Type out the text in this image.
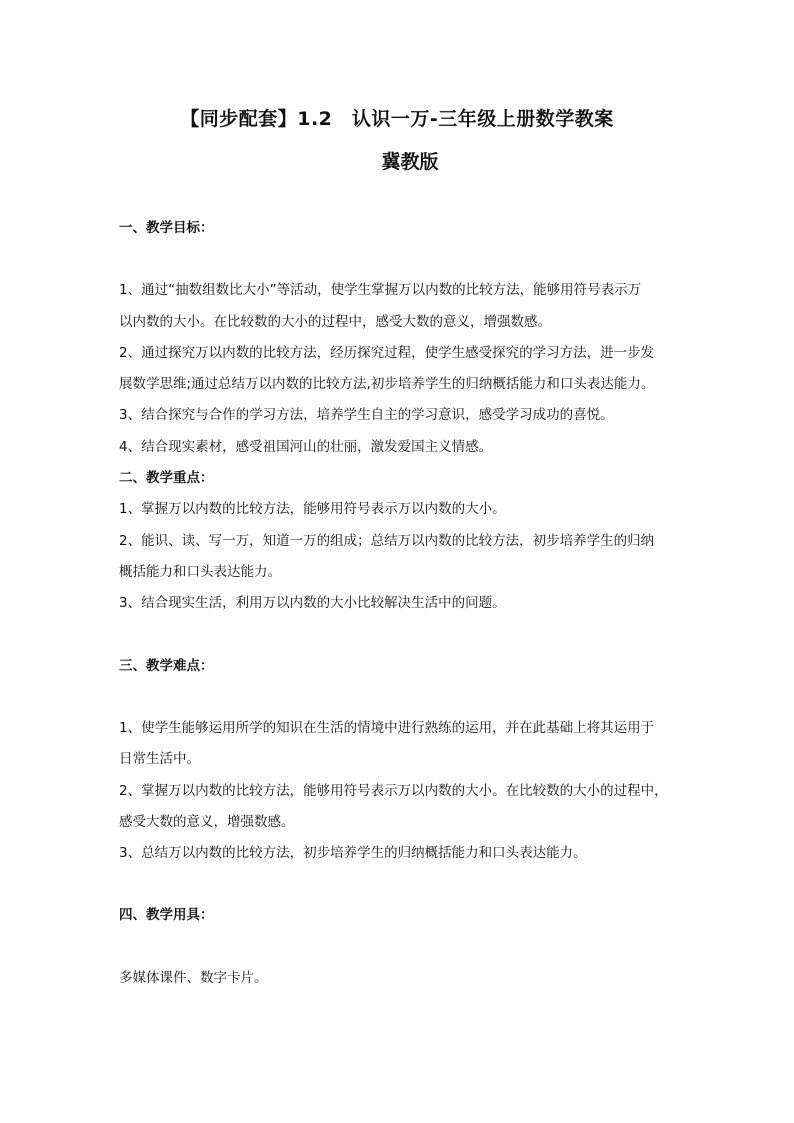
【同步配套】1.2　认识一万-三年级上册数学教案
冀教版
一、教学目标：
1、通过“抽数组数比大小”等活动，使学生掌握万以内数的比较方法，能够用符号表示万
以内数的大小。在比较数的大小的过程中，感受大数的意义，增强数感。
2、通过探究万以内数的比较方法，经历探究过程，使学生感受探究的学习方法，进一步发
展数学思维;通过总结万以内数的比较方法,初步培养学生的归纳概括能力和口头表达能力。
3、结合探究与合作的学习方法，培养学生自主的学习意识，感受学习成功的喜悦。
4、结合现实素材，感受祖国河山的壮丽，激发爱国主义情感。
二、教学重点：
1、掌握万以内数的比较方法，能够用符号表示万以内数的大小。
2、能识、读、写一万，知道一万的组成；总结万以内数的比较方法，初步培养学生的归纳
概括能力和口头表达能力。
3、结合现实生活，利用万以内数的大小比较解决生活中的问题。
三、教学难点：
1、使学生能够运用所学的知识在生活的情境中进行熟练的运用，并在此基础上将其运用于
日常生活中。
2、掌握万以内数的比较方法，能够用符号表示万以内数的大小。在比较数的大小的过程中，
感受大数的意义，增强数感。
3、总结万以内数的比较方法，初步培养学生的归纳概括能力和口头表达能力。
四、教学用具：
多媒体课件、数字卡片。
